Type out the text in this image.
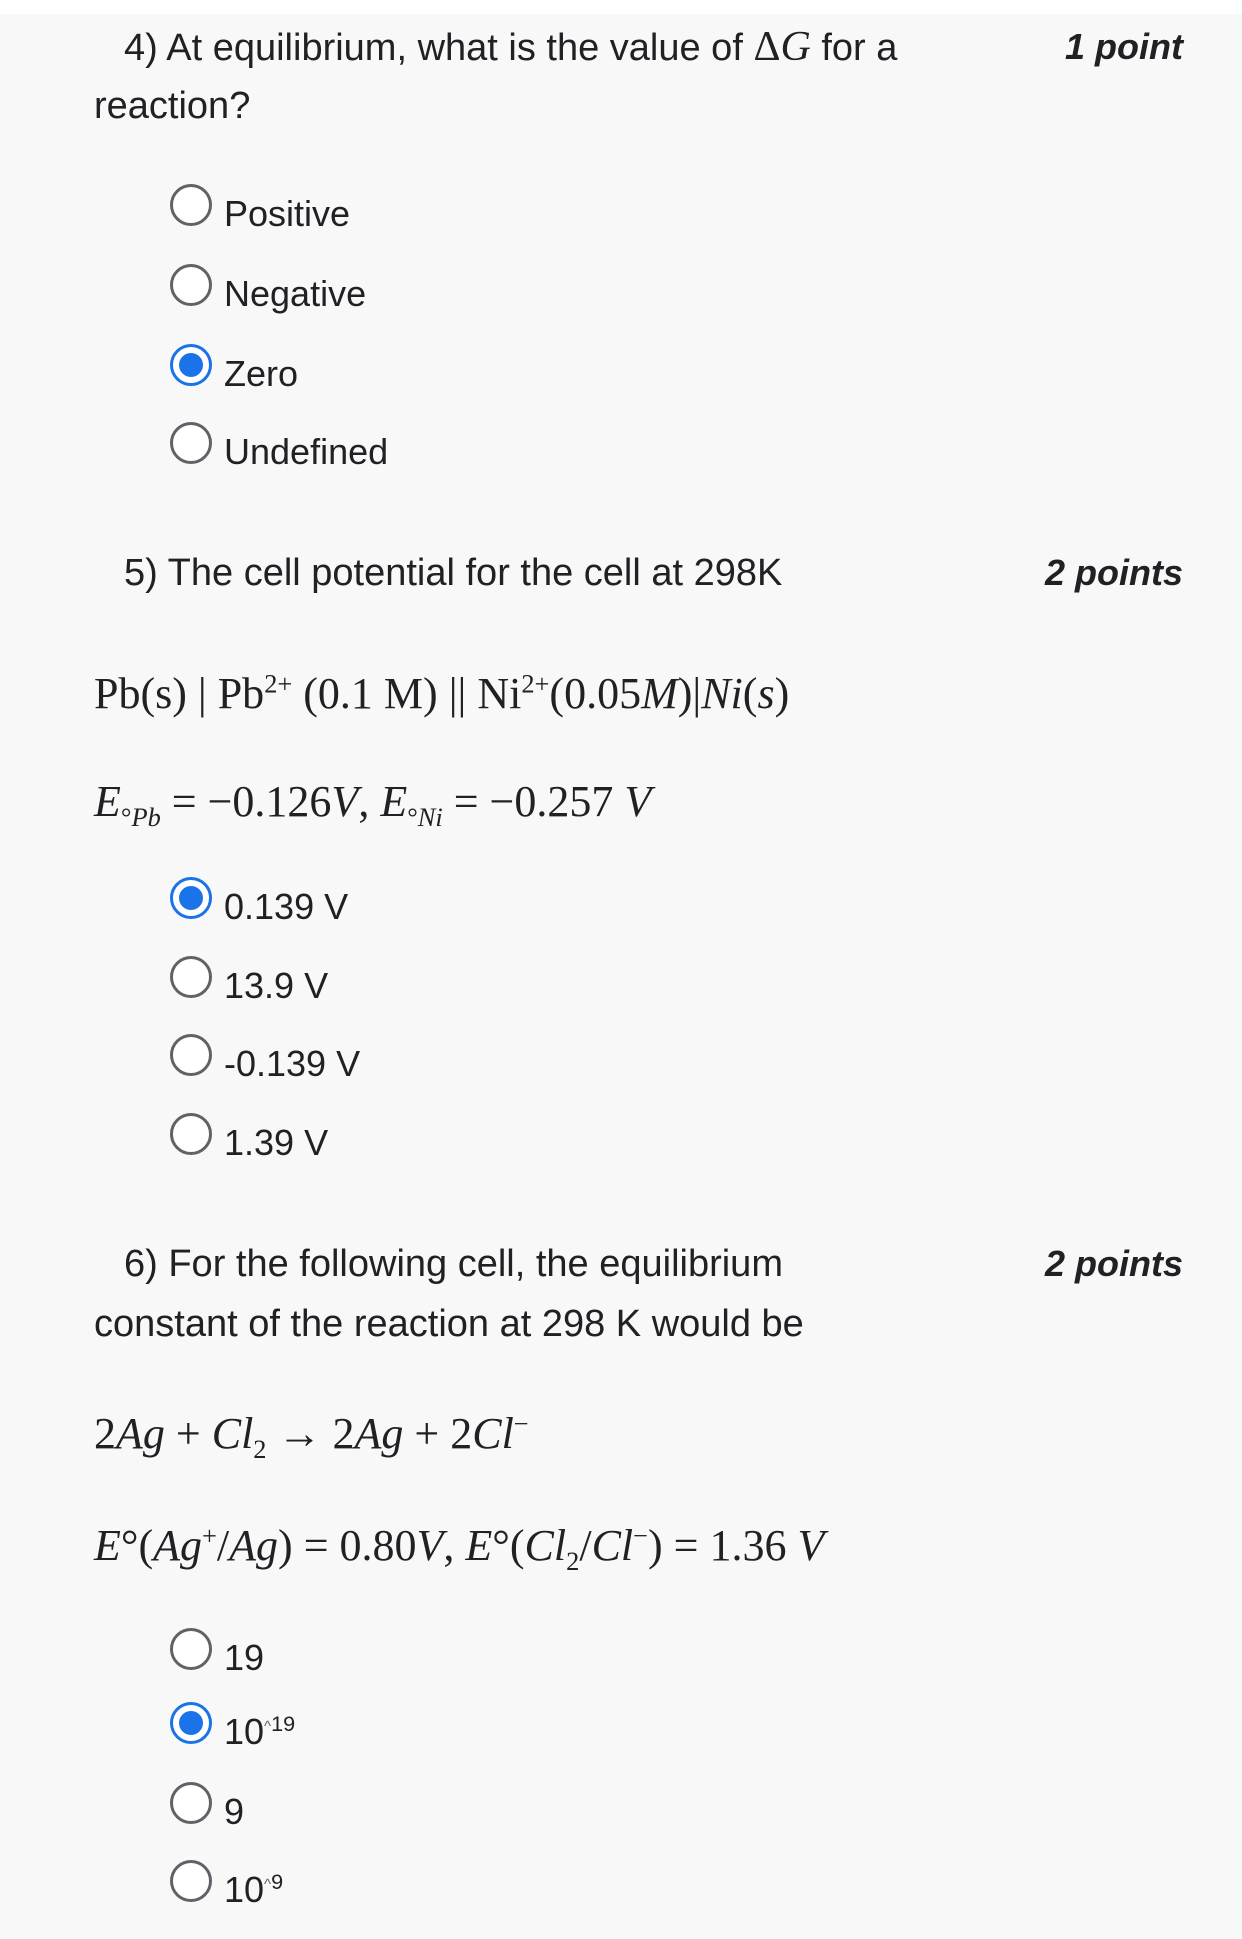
4) At equilibrium, what is the value of ΔG for a
reaction?
1 point
Positive
Negative
Zero
Undefined
5) The cell potential for the cell at 298K	2 points
Pb(s) | $Pb^{2+}$ (0.1 M) || $Ni^{2+}(0.05M)|Ni(s)$
$E_{^\circ Pb} = -0.126V$, $E_{^\circ Ni} = -0.257$ V
0.139 V
13.9 V
-0.139 V
1.39 V
6) For the following cell, the equilibrium
constant of the reaction at 298 K would be
2 points
$2Ag + Cl_2 \to 2Ag + 2Cl^-$
E°(Ag+/Ag) = 0.80V, $E^\circ(Cl_2/Cl^-) = 1.36$ V
19
$10^{\^{}19}$
9
$10^{\^{}9}$
